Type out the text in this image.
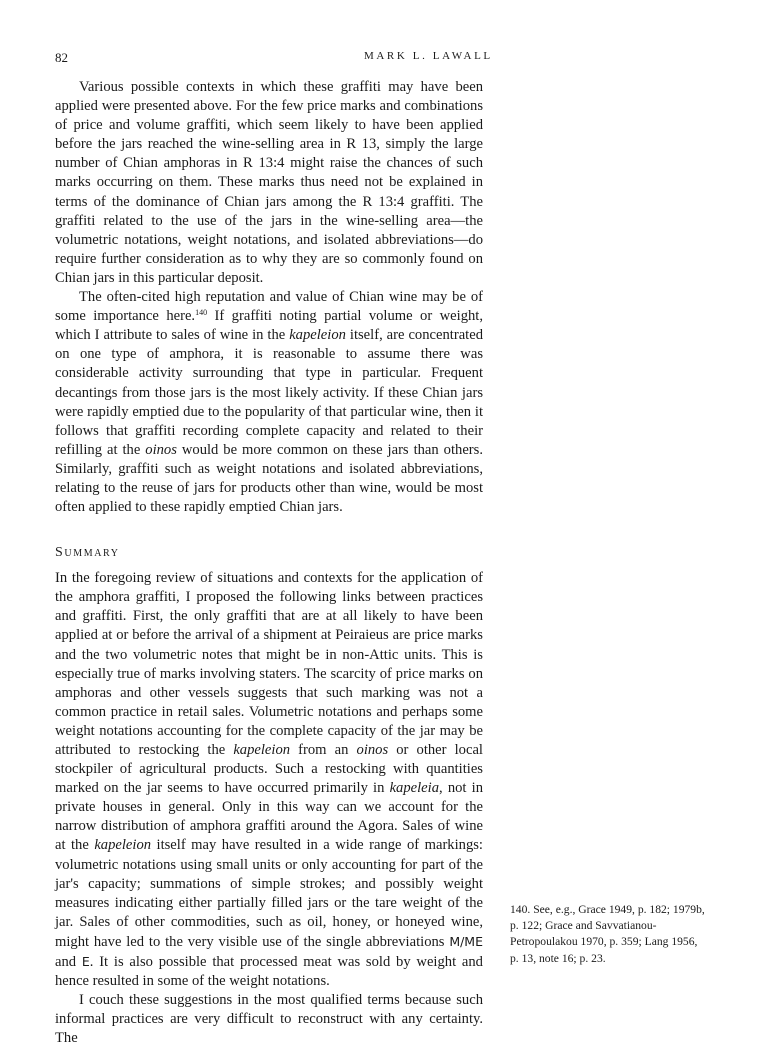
82	MARK L. LAWALL

Various possible contexts in which these graffiti may have been applied were presented above. For the few price marks and combinations of price and volume graffiti, which seem likely to have been applied before the jars reached the wine-selling area in R 13, simply the large number of Chian amphoras in R 13:4 might raise the chances of such marks occurring on them. These marks thus need not be explained in terms of the dominance of Chian jars among the R 13:4 graffiti. The graffiti related to the use of the jars in the wine-selling area—the volumetric notations, weight notations, and isolated abbreviations—do require further consideration as to why they are so commonly found on Chian jars in this particular deposit.

The often-cited high reputation and value of Chian wine may be of some importance here.$^{140}$ If graffiti noting partial volume or weight, which I attribute to sales of wine in the kapeleion itself, are concentrated on one type of amphora, it is reasonable to assume there was considerable activity surrounding that type in particular. Frequent decantings from those jars is the most likely activity. If these Chian jars were rapidly emptied due to the popularity of that particular wine, then it follows that graffiti recording complete capacity and related to their refilling at the oinos would be more common on these jars than others. Similarly, graffiti such as weight notations and isolated abbreviations, relating to the reuse of jars for products other than wine, would be most often applied to these rapidly emptied Chian jars.

Summary

In the foregoing review of situations and contexts for the application of the amphora graffiti, I proposed the following links between practices and graffiti. First, the only graffiti that are at all likely to have been applied at or before the arrival of a shipment at Peiraieus are price marks and the two volumetric notes that might be in non-Attic units. This is especially true of marks involving staters. The scarcity of price marks on amphoras and other vessels suggests that such marking was not a common practice in retail sales. Volumetric notations and perhaps some weight notations accounting for the complete capacity of the jar may be attributed to restocking the kapeleion from an oinos or other local stockpiler of agricultural products. Such a restocking with quantities marked on the jar seems to have occurred primarily in kapeleia, not in private houses in general. Only in this way can we account for the narrow distribution of amphora graffiti around the Agora. Sales of wine at the kapeleion itself may have resulted in a wide range of markings: volumetric notations using small units or only accounting for part of the jar's capacity; summations of simple strokes; and possibly weight measures indicating either partially filled jars or the tare weight of the jar. Sales of other commodities, such as oil, honey, or honeyed wine, might have led to the very visible use of the single abbreviations M/ME and E. It is also possible that processed meat was sold by weight and hence resulted in some of the weight notations.

I couch these suggestions in the most qualified terms because such informal practices are very difficult to reconstruct with any certainty. The

140. See, e.g., Grace 1949, p. 182; 1979b, p. 122; Grace and Savvatianou-Petropoulakou 1970, p. 359; Lang 1956, p. 13, note 16; p. 23.
